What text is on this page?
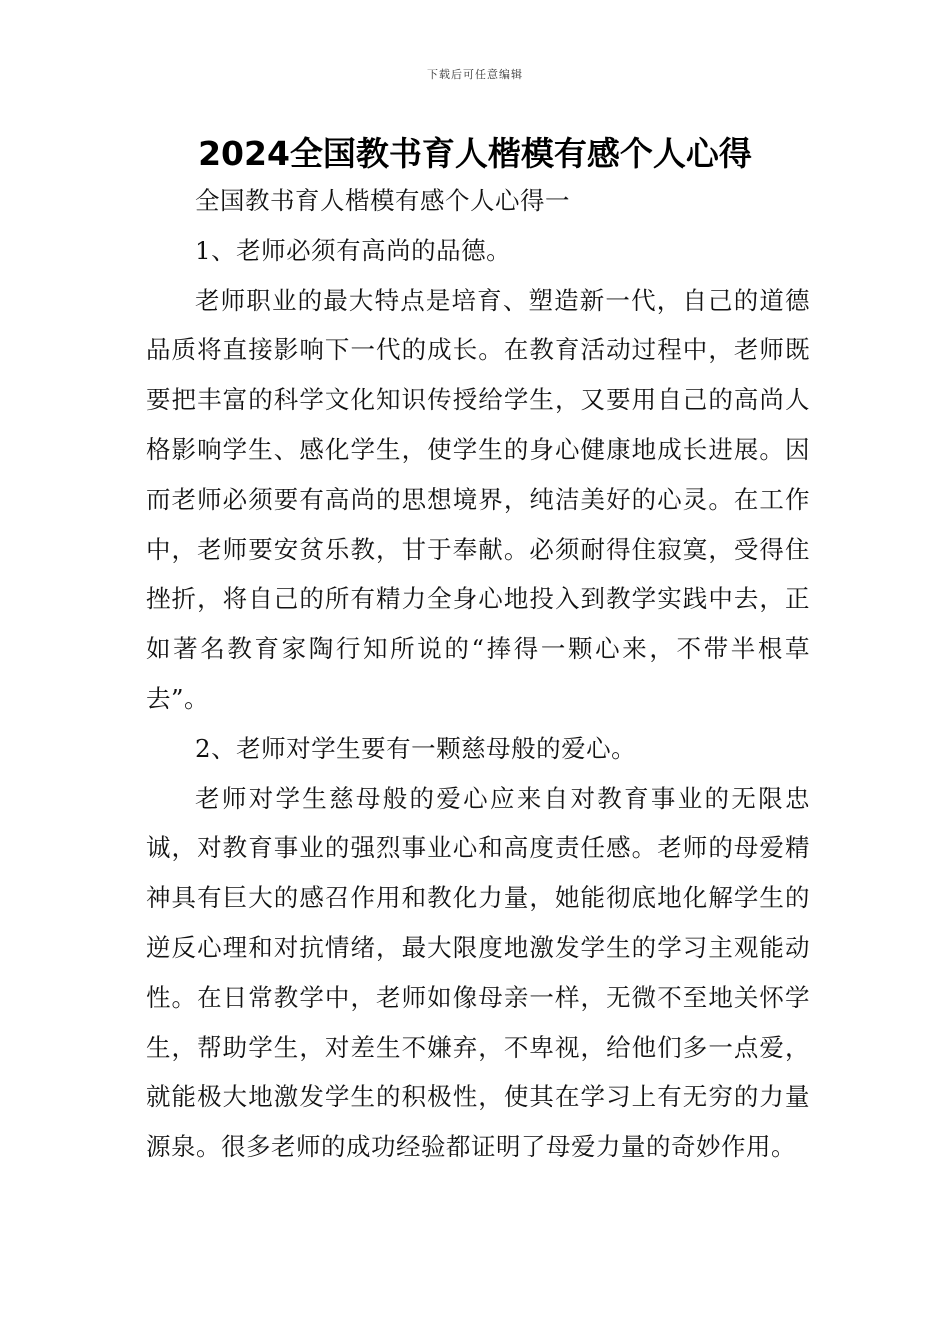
下载后可任意编辑
2024全国教书育人楷模有感个人心得

全国教书育人楷模有感个人心得一

1、老师必须有高尚的品德。

老师职业的最大特点是培育、塑造新一代，自己的道德品质将直接影响下一代的成长。在教育活动过程中，老师既要把丰富的科学文化知识传授给学生，又要用自己的高尚人格影响学生、感化学生，使学生的身心健康地成长进展。因而老师必须要有高尚的思想境界，纯洁美好的心灵。在工作中，老师要安贫乐教，甘于奉献。必须耐得住寂寞，受得住挫折，将自己的所有精力全身心地投入到教学实践中去，正如著名教育家陶行知所说的“捧得一颗心来，不带半根草去”。

2、老师对学生要有一颗慈母般的爱心。

老师对学生慈母般的爱心应来自对教育事业的无限忠诚，对教育事业的强烈事业心和高度责任感。老师的母爱精神具有巨大的感召作用和教化力量，她能彻底地化解学生的逆反心理和对抗情绪，最大限度地激发学生的学习主观能动性。在日常教学中，老师如像母亲一样，无微不至地关怀学生，帮助学生，对差生不嫌弃，不卑视，给他们多一点爱，就能极大地激发学生的积极性，使其在学习上有无穷的力量源泉。很多老师的成功经验都证明了母爱力量的奇妙作用。
